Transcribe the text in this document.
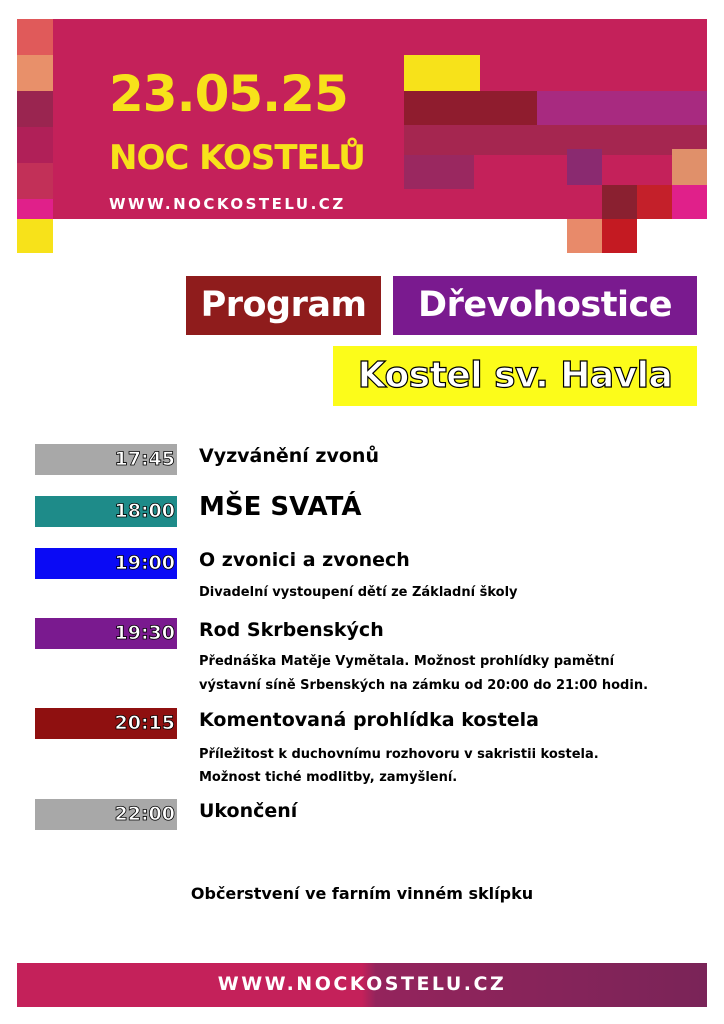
23.05.25

NOC KOSTELŮ

WWW.NOCKOSTELU.CZ

Program	Dřevohostice
Kostel sv. Havla
17:45 Vyzvánění zvonů

18:00 MŠE SVATÁ

19:00 O zvonici a zvonech

Divadelní vystoupení dětí ze Základní školy

19:30 Rod Skrbenských

Přednáška Matěje Vymětala. Možnost prohlídky pamětní

výstavní síně Srbenských na zámku od 20:00 do 21:00 hodin.

20:15 Komentovaná prohlídka kostela

Příležitost k duchovnímu rozhovoru v sakristii kostela.

Možnost tiché modlitby, zamyšlení.

22:00 Ukončení

Občerstvení ve farním vinném sklípku

WWW.NOCKOSTELU.CZ
